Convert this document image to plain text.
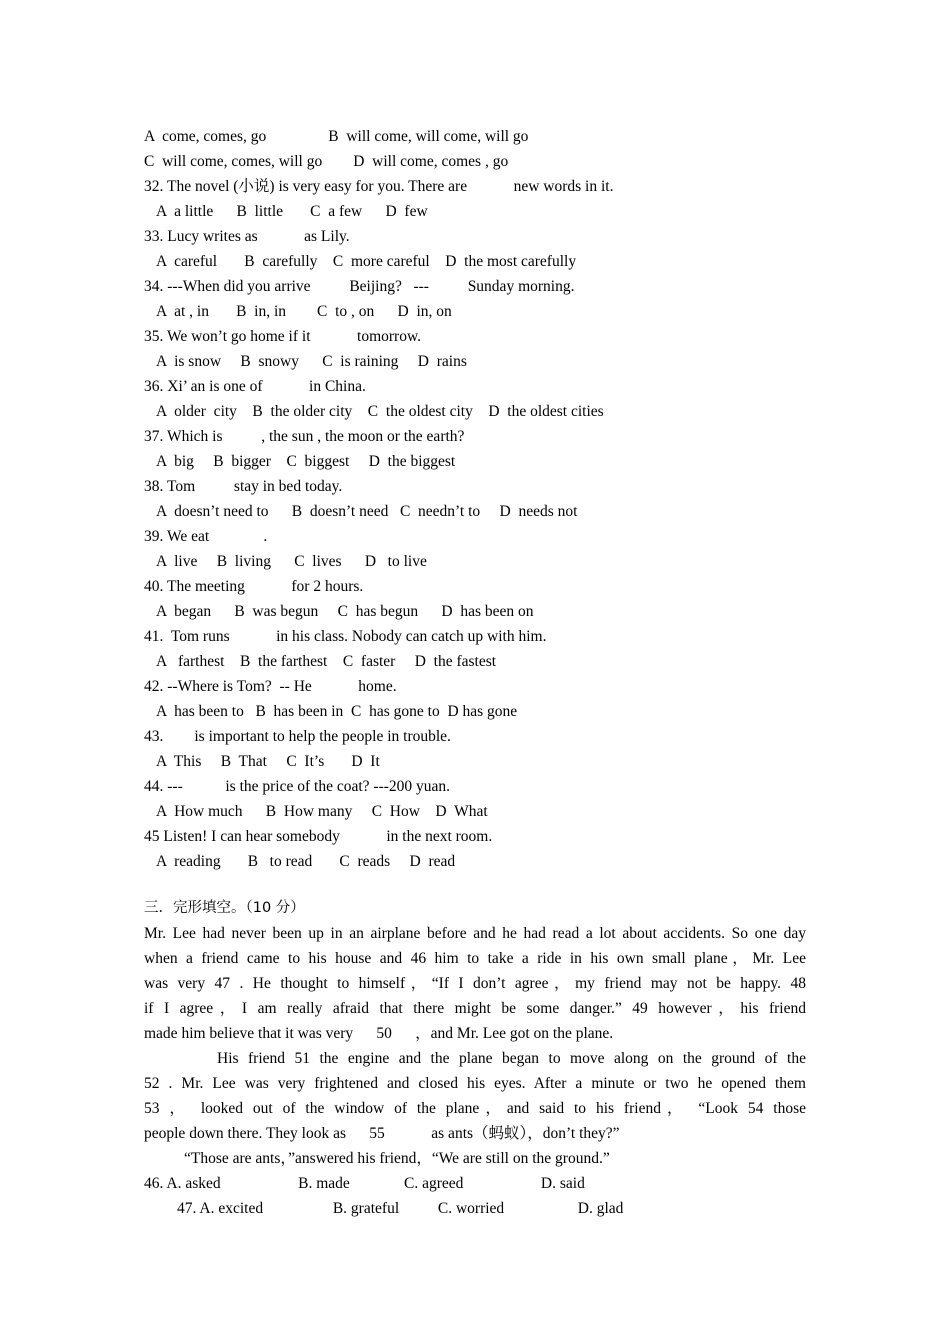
A  come, comes, go                B  will come, will come, will go
C  will come, comes, will go        D  will come, comes , go
32. The novel (小说) is very easy for you. There are            new words in it.
A  a little      B  little       C  a few      D  few
33. Lucy writes as            as Lily.
A  careful       B  carefully    C  more careful    D  the most carefully
34. ---When did you arrive          Beijing?   ---          Sunday morning.
A  at , in       B  in, in        C  to , on      D  in, on
35. We won’t go home if it            tomorrow.
A  is snow     B  snowy      C  is raining     D  rains
36. Xi’ an is one of            in China.
A  older  city    B  the older city    C  the oldest city    D  the oldest cities
37. Which is          , the sun , the moon or the earth?
A  big     B  bigger    C  biggest     D  the biggest
38. Tom          stay in bed today.
A  doesn’t need to      B  doesn’t need   C  needn’t to     D  needs not
39. We eat              .
A  live     B  living      C  lives      D   to live
40. The meeting            for 2 hours.
A  began      B  was begun     C  has begun      D  has been on
41.  Tom runs            in his class. Nobody can catch up with him.
A   farthest    B  the farthest    C  faster     D  the fastest
42. --Where is Tom?  -- He            home.
A  has been to   B  has been in  C  has gone to  D has gone
43.        is important to help the people in trouble.
A  This     B  That     C  It’s       D  It
44. ---           is the price of the coat? ---200 yuan.
A  How much      B  How many     C  How    D  What
45 Listen! I can hear somebody            in the next room.
A  reading       B   to read       C  reads     D  read
三．完形填空。（10 分）
Mr. Lee had never been up in an airplane before and he had read a lot about accidents. So one day
when a friend came to his house and 46 him to take a ride in his own small plane，Mr. Lee
was very 47 . He thought to himself，“If I don’t agree，my friend may not be happy. 48
if I agree，I am really afraid that there might be some danger.” 49 however，his friend
made him believe that it was very      50      ，and Mr. Lee got on the plane.
His friend 51 the engine and the plane began to move along on the ground of the
52 . Mr. Lee was very frightened and closed his eyes. After a minute or two he opened them
53 ， looked out of the window of the plane，and said to his friend， “Look 54 those
people down there. They look as      55            as ants（蚂蚁），don’t they?”
“Those are ants，”answered his friend，“We are still on the ground.”
46. A. asked                    B. made              C. agreed                    D. said
47. A. excited                  B. grateful          C. worried                   D. glad
